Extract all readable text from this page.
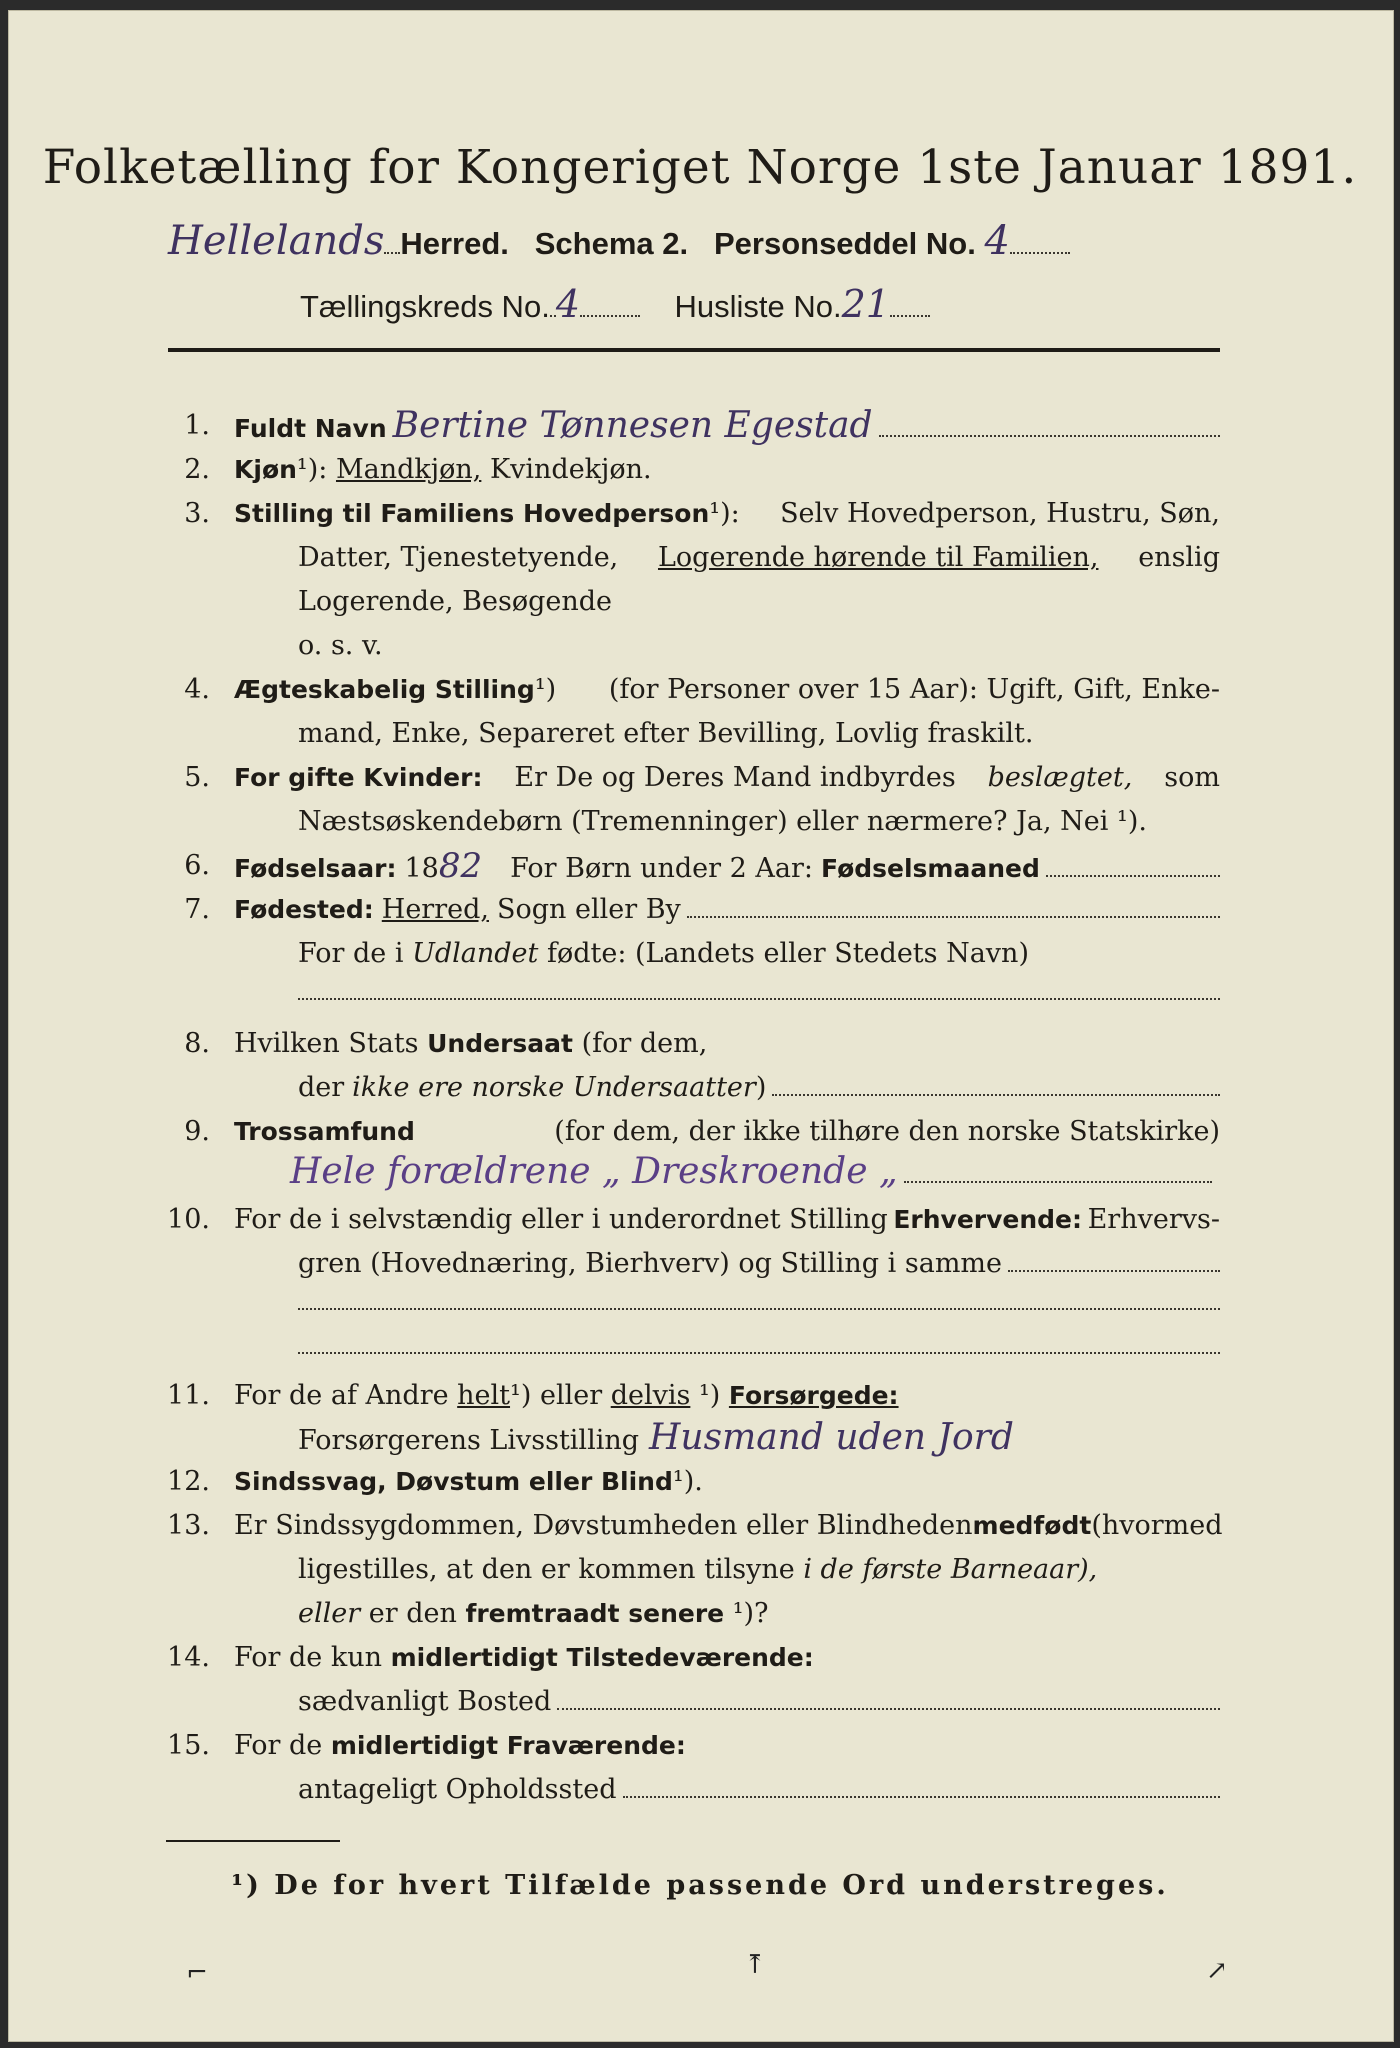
Folketælling for Kongeriget Norge 1ste Januar 1891.
Hellelands Herred. Schema 2. Personseddel No. 4
Tællingskreds No. 4	Husliste No.21
1. Fuldt Navn Bertine Tønnesen Egestad
2. Kjøn¹): Mandkjøn, Kvindekjøn.
3. Stilling til Familiens Hovedperson¹): Selv Hovedperson, Hustru, Søn,
Datter, Tjenestetyende, Logerende hørende til Familien, enslig
Logerende, Besøgende
o. s. v.
4. Ægteskabelig Stilling¹) (for Personer over 15 Aar): Ugift, Gift, Enke-
mand, Enke, Separeret efter Bevilling, Lovlig fraskilt.
5. For gifte Kvinder: Er De og Deres Mand indbyrdes beslægtet, som
Næstsøskendebørn (Tremenninger) eller nærmere? Ja, Nei ¹).
6. Fødselsaar: 18 82 For Børn under 2 Aar: Fødselsmaaned
7. Fødested: Herred, Sogn eller By
For de i Udlandet fødte: (Landets eller Stedets Navn)
8. Hvilken Stats Undersaat (for dem,
der ikke ere norske Undersaatter )
9. Trossamfund	(for dem, der ikke tilhøre den norske Statskirke)
Hele forældrene „ Dreskroende „
10. For de i selvstændig eller i underordnet Stilling Erhvervende: Erhvervs-
gren (Hovednæring, Bierhverv) og Stilling i samme
11. For de af Andre helt¹) eller delvis ¹) Forsørgede:
Forsørgerens Livsstilling Husmand uden Jord
12. Sindssvag, Døvstum eller Blind¹).
13. Er Sindssygdommen, Døvstumheden eller Blindheden medfødt (hvormed
ligestilles, at den er kommen tilsyne i de første Barneaar),
eller er den fremtraadt senere ¹)?
14. For de kun midlertidigt Tilstedeværende:
sædvanligt Bosted
15. For de midlertidigt Fraværende:
antageligt Opholdssted
¹) De for hvert Tilfælde passende Ord understreges.
⌐	⤒	↗
